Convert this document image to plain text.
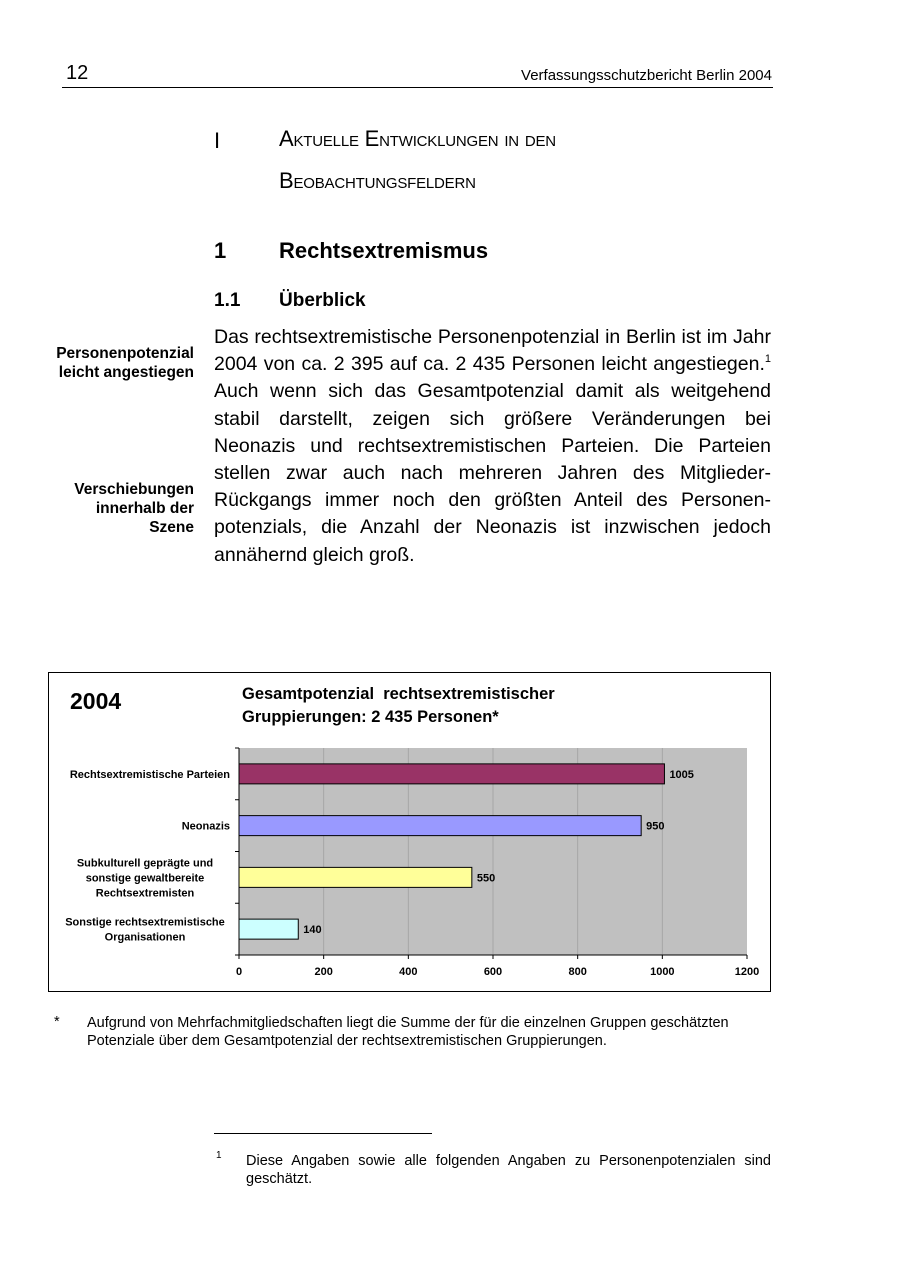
12	Verfassungsschutzbericht Berlin 2004
I	Aktuelle Entwicklungen in den
Beobachtungsfeldern
1 Rechtsextremismus
1.1 Überblick
Personenpotenzial leicht angestiegen
Verschiebungen innerhalb der Szene
Das rechtsextremistische Personenpotenzial in Berlin ist im Jahr 2004 von ca. 2 395 auf ca. 2 435 Personen leicht angestiegen.$^1$ Auch wenn sich das Gesamtpotenzial damit als weitgehend stabil darstellt, zeigen sich größere Veränderungen bei Neonazis und rechtsextremistischen Parteien. Die Parteien stellen zwar auch nach mehreren Jahren des Mitglieder-Rückgangs immer noch den größten Anteil des Personen-potenzials, die Anzahl der Neonazis ist inzwischen jedoch annähernd gleich groß.
2004	Gesamtpotenzial  rechtsextremistischer
Gruppierungen: 2 435 Personen*
0	200	400	600	800	1000	1200
1005
Rechtsextremistische Parteien
950
Neonazis
550
Subkulturell geprägte und
sonstige gewaltbereite
Rechtsextremisten
140
Sonstige rechtsextremistische
Organisationen
* Aufgrund von Mehrfachmitgliedschaften liegt die Summe der für die einzelnen Gruppen geschätzten Potenziale über dem Gesamtpotenzial der rechtsextremistischen Gruppierungen.
1 Diese Angaben sowie alle folgenden Angaben zu Personenpotenzialen sind geschätzt.
